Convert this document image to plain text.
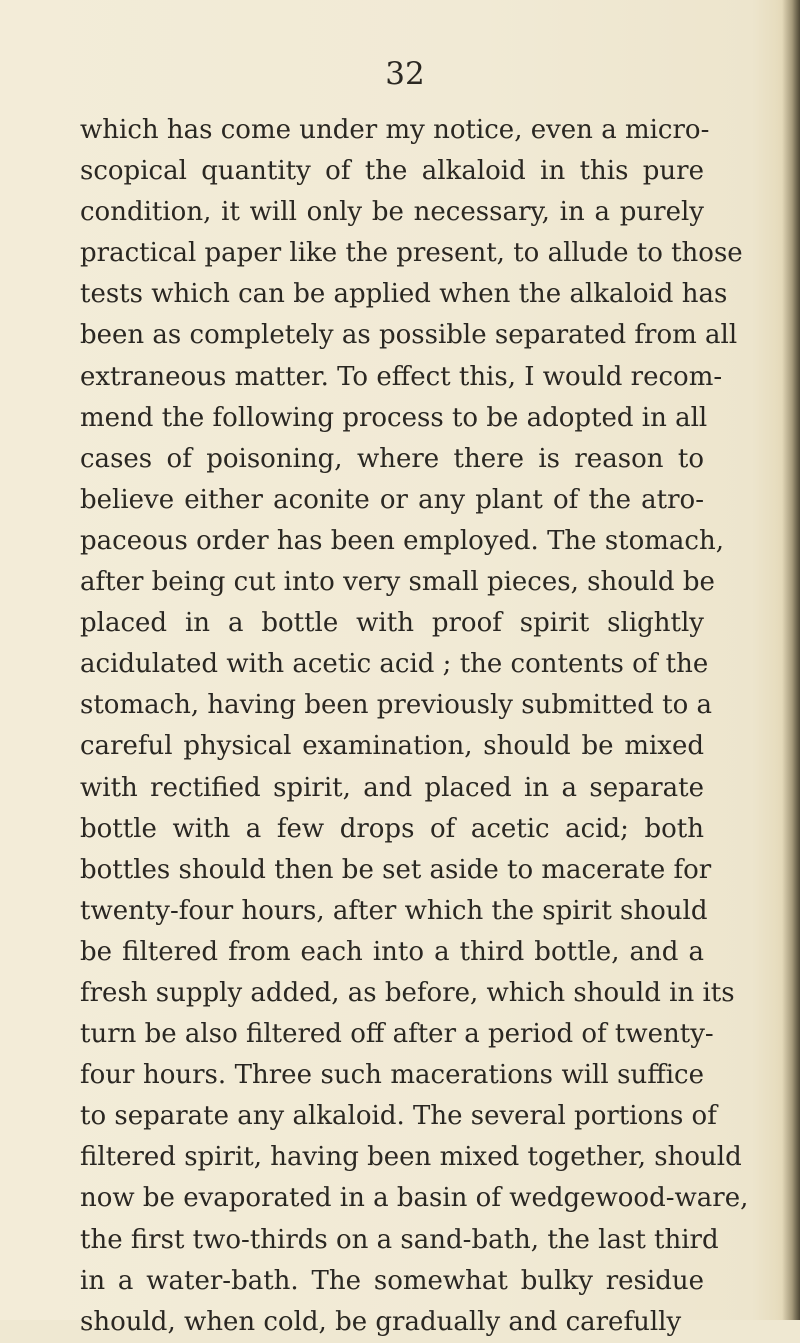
32
which has come under my notice, even a micro-
scopical quantity of the alkaloid in this pure
condition, it will only be necessary, in a purely
practical paper like the present, to allude to those
tests which can be applied when the alkaloid has
been as completely as possible separated from all
extraneous matter. To effect this, I would recom-
mend the following process to be adopted in all
cases of poisoning, where there is reason to
believe either aconite or any plant of the atro-
paceous order has been employed. The stomach,
after being cut into very small pieces, should be
placed in a bottle with proof spirit slightly
acidulated with acetic acid ; the contents of the
stomach, having been previously submitted to a
careful physical examination, should be mixed
with rectified spirit, and placed in a separate
bottle with a few drops of acetic acid; both
bottles should then be set aside to macerate for
twenty-four hours, after which the spirit should
be filtered from each into a third bottle, and a
fresh supply added, as before, which should in its
turn be also filtered off after a period of twenty-
four hours. Three such macerations will suffice
to separate any alkaloid. The several portions of
filtered spirit, having been mixed together, should
now be evaporated in a basin of wedgewood-ware,
the first two-thirds on a sand-bath, the last third
in a water-bath. The somewhat bulky residue
should, when cold, be gradually and carefully
